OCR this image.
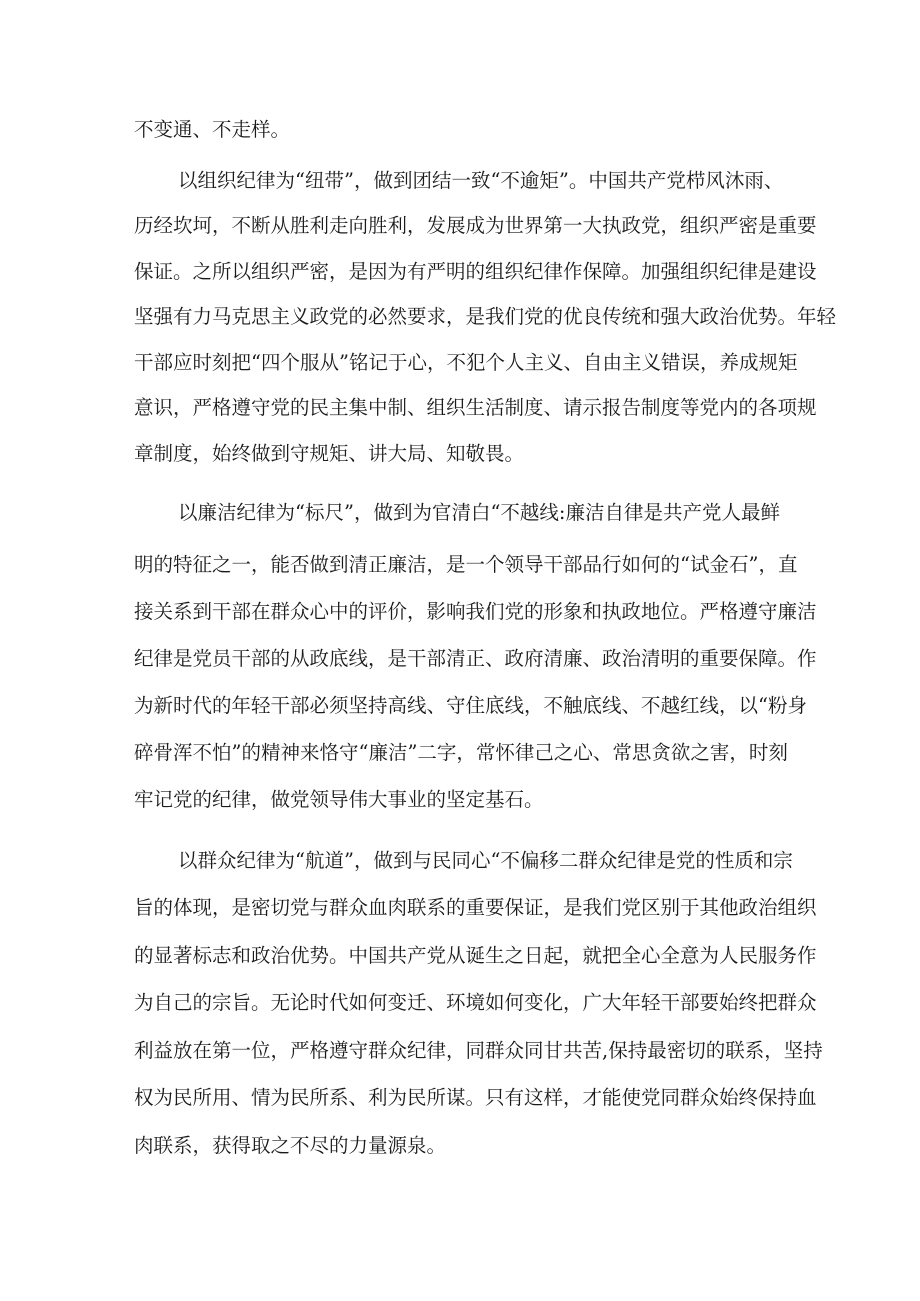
不变通、不走样。
以组织纪律为“纽带”，做到团结一致“不逾矩”。中国共产党栉风沐雨、
历经坎坷，不断从胜利走向胜利，发展成为世界第一大执政党，组织严密是重要
保证。之所以组织严密，是因为有严明的组织纪律作保障。加强组织纪律是建设
坚强有力马克思主义政党的必然要求，是我们党的优良传统和强大政治优势。年轻
干部应时刻把“四个服从”铭记于心，不犯个人主义、自由主义错误，养成规矩
意识，严格遵守党的民主集中制、组织生活制度、请示报告制度等党内的各项规
章制度，始终做到守规矩、讲大局、知敬畏。
以廉洁纪律为“标尺”，做到为官清白“不越线:廉洁自律是共产党人最鲜
明的特征之一，能否做到清正廉洁，是一个领导干部品行如何的“试金石”，直
接关系到干部在群众心中的评价，影响我们党的形象和执政地位。严格遵守廉洁
纪律是党员干部的从政底线，是干部清正、政府清廉、政治清明的重要保障。作
为新时代的年轻干部必须坚持高线、守住底线，不触底线、不越红线，以“粉身
碎骨浑不怕”的精神来恪守“廉洁”二字，常怀律己之心、常思贪欲之害，时刻
牢记党的纪律，做党领导伟大事业的坚定基石。
以群众纪律为“航道”，做到与民同心“不偏移二群众纪律是党的性质和宗
旨的体现，是密切党与群众血肉联系的重要保证，是我们党区别于其他政治组织
的显著标志和政治优势。中国共产党从诞生之日起，就把全心全意为人民服务作
为自己的宗旨。无论时代如何变迁、环境如何变化，广大年轻干部要始终把群众
利益放在第一位，严格遵守群众纪律，同群众同甘共苦,保持最密切的联系，坚持
权为民所用、情为民所系、利为民所谋。只有这样，才能使党同群众始终保持血
肉联系，获得取之不尽的力量源泉。
